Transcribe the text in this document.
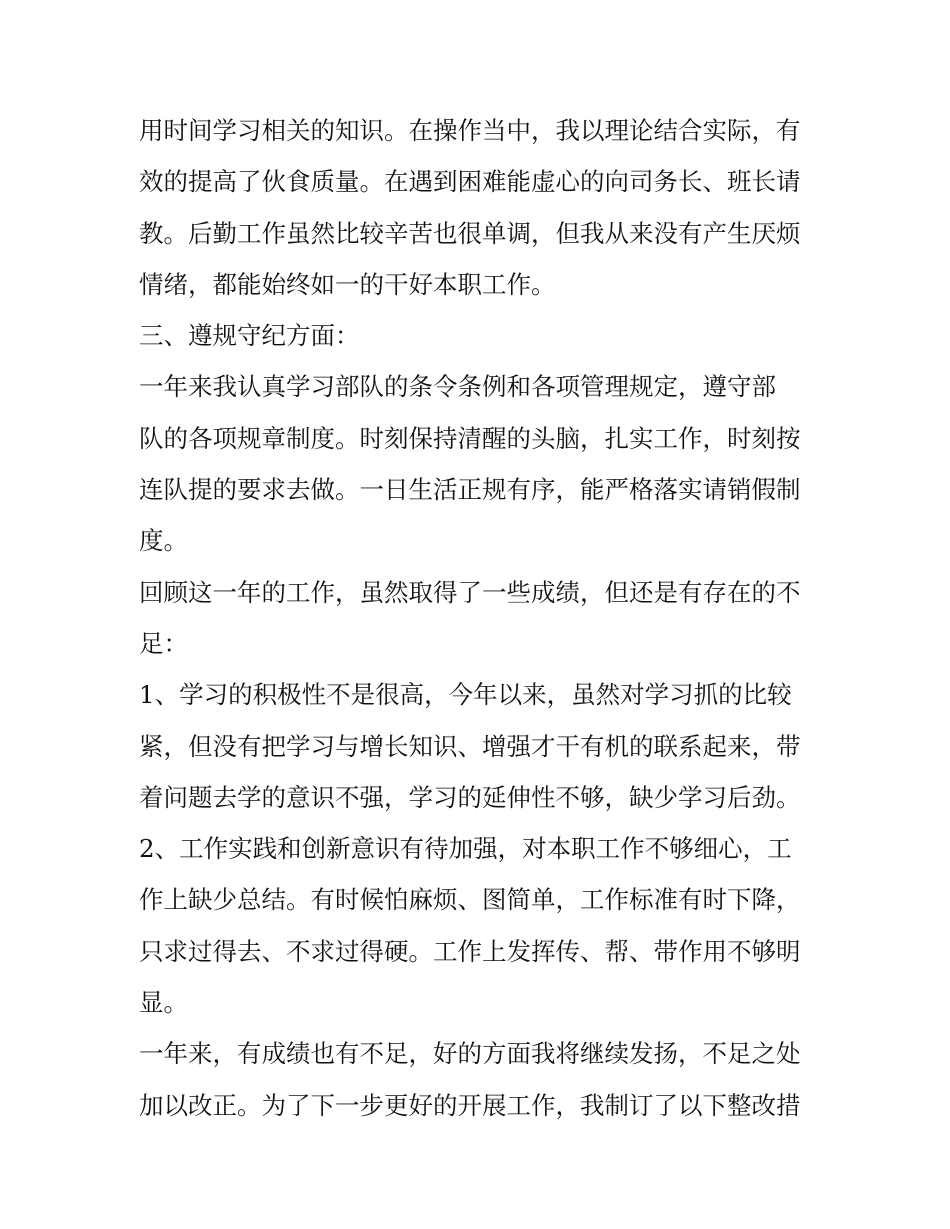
用时间学习相关的知识。在操作当中，我以理论结合实际，有
效的提高了伙食质量。在遇到困难能虚心的向司务长、班长请
教。后勤工作虽然比较辛苦也很单调，但我从来没有产生厌烦
情绪，都能始终如一的干好本职工作。
三、遵规守纪方面：
一年来我认真学习部队的条令条例和各项管理规定，遵守部
队的各项规章制度。时刻保持清醒的头脑，扎实工作，时刻按
连队提的要求去做。一日生活正规有序，能严格落实请销假制
度。
回顾这一年的工作，虽然取得了一些成绩，但还是有存在的不
足：
1、学习的积极性不是很高，今年以来，虽然对学习抓的比较
紧，但没有把学习与增长知识、增强才干有机的联系起来，带
着问题去学的意识不强，学习的延伸性不够，缺少学习后劲。
2、工作实践和创新意识有待加强，对本职工作不够细心，工
作上缺少总结。有时候怕麻烦、图简单，工作标准有时下降，
只求过得去、不求过得硬。工作上发挥传、帮、带作用不够明
显。
一年来，有成绩也有不足，好的方面我将继续发扬，不足之处
加以改正。为了下一步更好的开展工作，我制订了以下整改措
